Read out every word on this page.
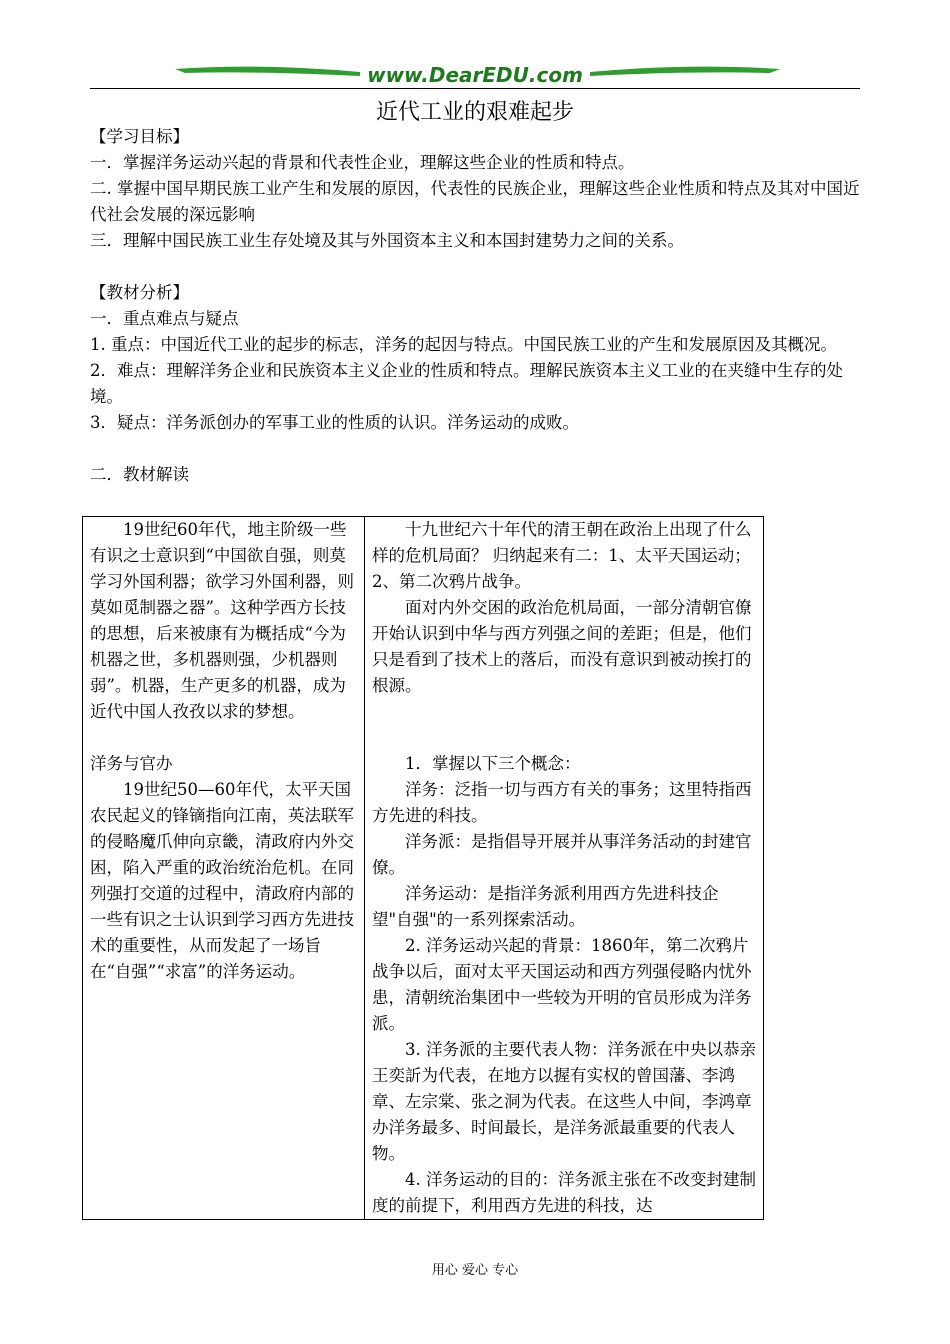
www.DearEDU.com
近代工业的艰难起步

【学习目标】

一．掌握洋务运动兴起的背景和代表性企业，理解这些企业的性质和特点。

二. 掌握中国早期民族工业产生和发展的原因，代表性的民族企业，理解这些企业性质和特点及其对中国近代社会发展的深远影响

三．理解中国民族工业生存处境及其与外国资本主义和本国封建势力之间的关系。

【教材分析】

一．重点难点与疑点

1. 重点：中国近代工业的起步的标志，洋务的起因与特点。中国民族工业的产生和发展原因及其概况。

2．难点：理解洋务企业和民族资本主义企业的性质和特点。理解民族资本主义工业的在夹缝中生存的处境。

3．疑点：洋务派创办的军事工业的性质的认识。洋务运动的成败。

二．教材解读

19世纪60年代，地主阶级一些有识之士意识到“中国欲自强，则莫学习外国利器；欲学习外国利器，则莫如觅制器之器”。这种学西方长技的思想，后来被康有为概括成“今为机器之世，多机器则强，少机器则弱”。机器，生产更多的机器，成为近代中国人孜孜以求的梦想。

洋务与官办

19世纪50—60年代，太平天国农民起义的锋镝指向江南，英法联军的侵略魔爪伸向京畿，清政府内外交困，陷入严重的政治统治危机。在同列强打交道的过程中，清政府内部的一些有识之士认识到学习西方先进技术的重要性，从而发起了一场旨在“自强”“求富”的洋务运动。

十九世纪六十年代的清王朝在政治上出现了什么样的危机局面？ 归纳起来有二：1、太平天国运动；2、第二次鸦片战争。

面对内外交困的政治危机局面，一部分清朝官僚开始认识到中华与西方列强之间的差距；但是，他们只是看到了技术上的落后，而没有意识到被动挨打的根源。

1．掌握以下三个概念：

洋务：泛指一切与西方有关的事务；这里特指西方先进的科技。

洋务派：是指倡导开展并从事洋务活动的封建官僚。

洋务运动：是指洋务派利用西方先进科技企望"自强"的一系列探索活动。

2. 洋务运动兴起的背景：1860年，第二次鸦片战争以后，面对太平天国运动和西方列强侵略内忧外患，清朝统治集团中一些较为开明的官员形成为洋务派。

3. 洋务派的主要代表人物：洋务派在中央以恭亲王奕訢为代表，在地方以握有实权的曾国藩、李鸿章、左宗棠、张之洞为代表。在这些人中间，李鸿章办洋务最多、时间最长，是洋务派最重要的代表人物。

4. 洋务运动的目的：洋务派主张在不改变封建制度的前提下，利用西方先进的科技，达

用心 爱心 专心
